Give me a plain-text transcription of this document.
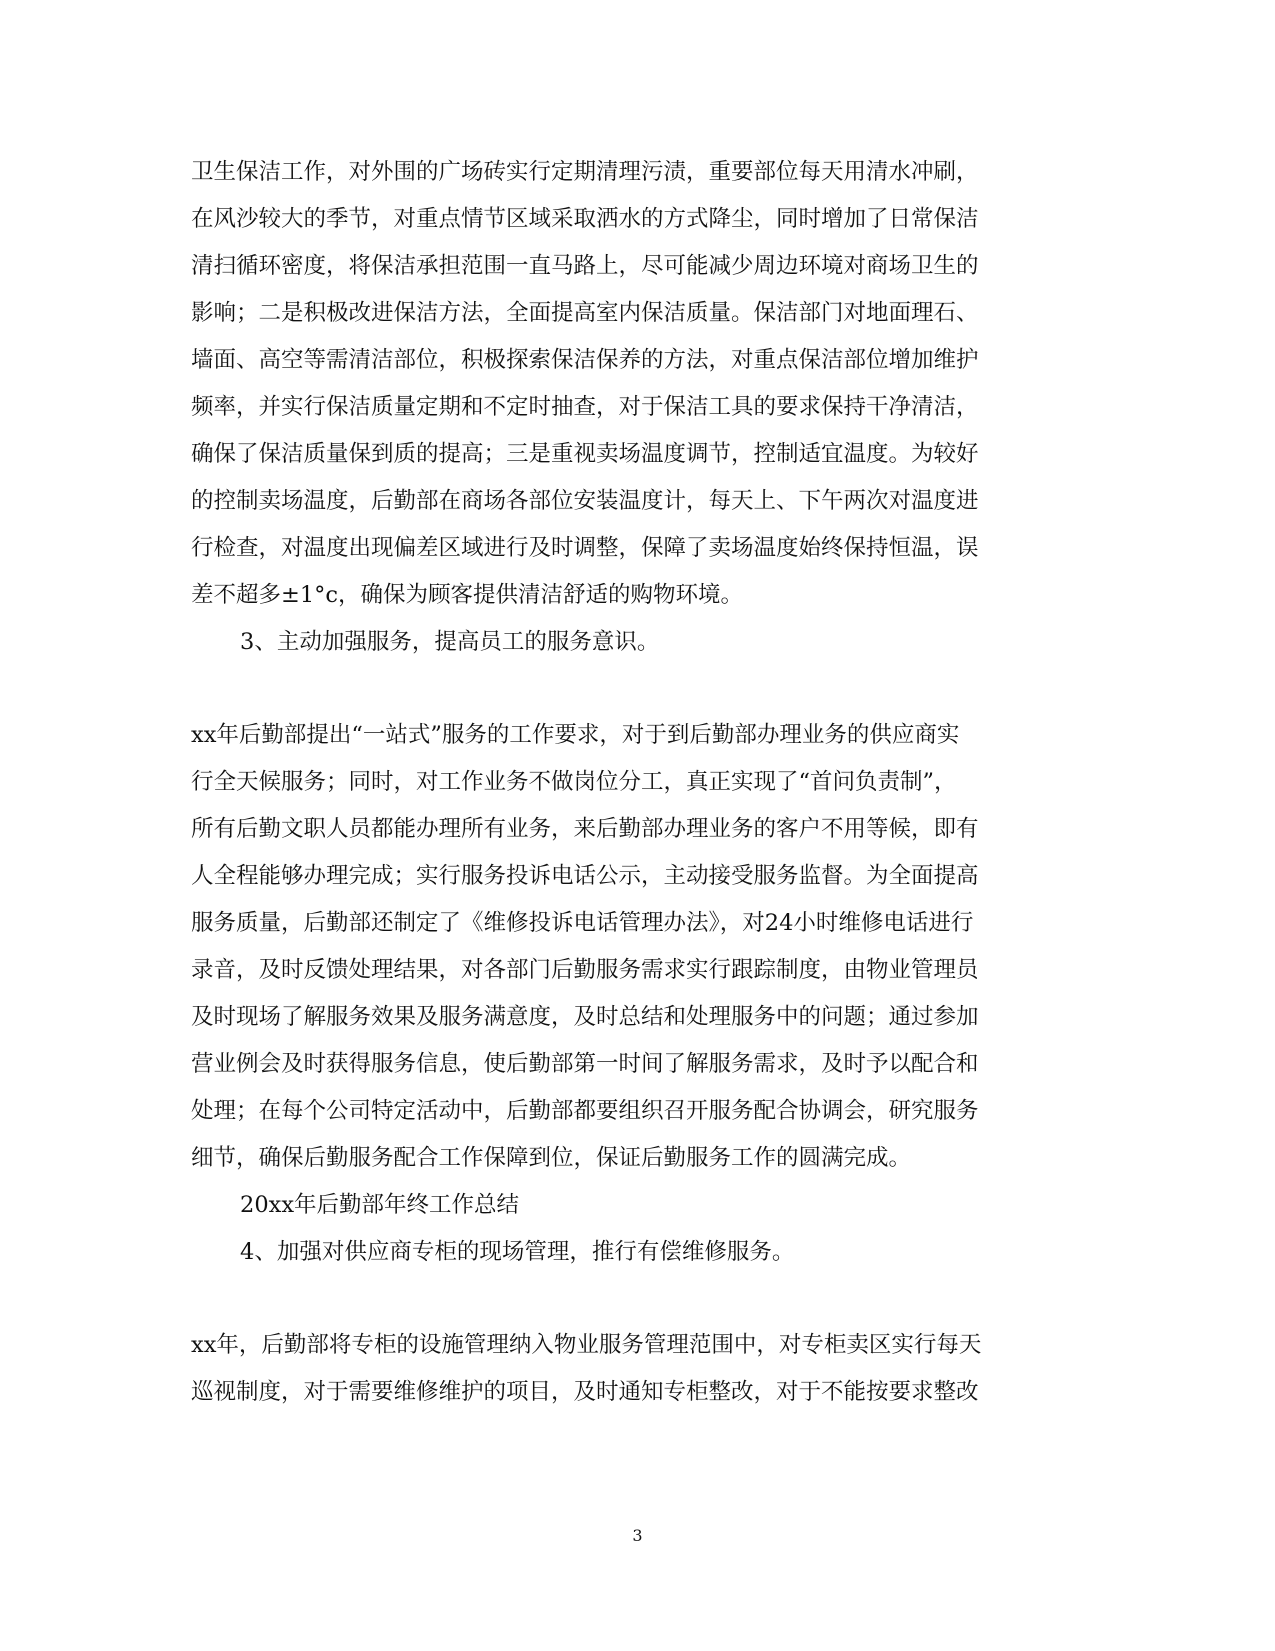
卫生保洁工作，对外围的广场砖实行定期清理污渍，重要部位每天用清水冲刷，
在风沙较大的季节，对重点情节区域采取洒水的方式降尘，同时增加了日常保洁
清扫循环密度，将保洁承担范围一直马路上，尽可能减少周边环境对商场卫生的
影响；二是积极改进保洁方法，全面提高室内保洁质量。保洁部门对地面理石、
墙面、高空等需清洁部位，积极探索保洁保养的方法，对重点保洁部位增加维护
频率，并实行保洁质量定期和不定时抽查，对于保洁工具的要求保持干净清洁，
确保了保洁质量保到质的提高；三是重视卖场温度调节，控制适宜温度。为较好
的控制卖场温度，后勤部在商场各部位安装温度计，每天上、下午两次对温度进
行检查，对温度出现偏差区域进行及时调整，保障了卖场温度始终保持恒温，误
差不超多±1°c，确保为顾客提供清洁舒适的购物环境。
3、主动加强服务，提高员工的服务意识。
xx年后勤部提出“一站式”服务的工作要求，对于到后勤部办理业务的供应商实
行全天候服务；同时，对工作业务不做岗位分工，真正实现了“首问负责制”，
所有后勤文职人员都能办理所有业务，来后勤部办理业务的客户不用等候，即有
人全程能够办理完成；实行服务投诉电话公示，主动接受服务监督。为全面提高
服务质量，后勤部还制定了《维修投诉电话管理办法》，对24小时维修电话进行
录音，及时反馈处理结果，对各部门后勤服务需求实行跟踪制度，由物业管理员
及时现场了解服务效果及服务满意度，及时总结和处理服务中的问题；通过参加
营业例会及时获得服务信息，使后勤部第一时间了解服务需求，及时予以配合和
处理；在每个公司特定活动中，后勤部都要组织召开服务配合协调会，研究服务
细节，确保后勤服务配合工作保障到位，保证后勤服务工作的圆满完成。
20xx年后勤部年终工作总结
4、加强对供应商专柜的现场管理，推行有偿维修服务。
xx年，后勤部将专柜的设施管理纳入物业服务管理范围中，对专柜卖区实行每天
巡视制度，对于需要维修维护的项目，及时通知专柜整改，对于不能按要求整改
3
